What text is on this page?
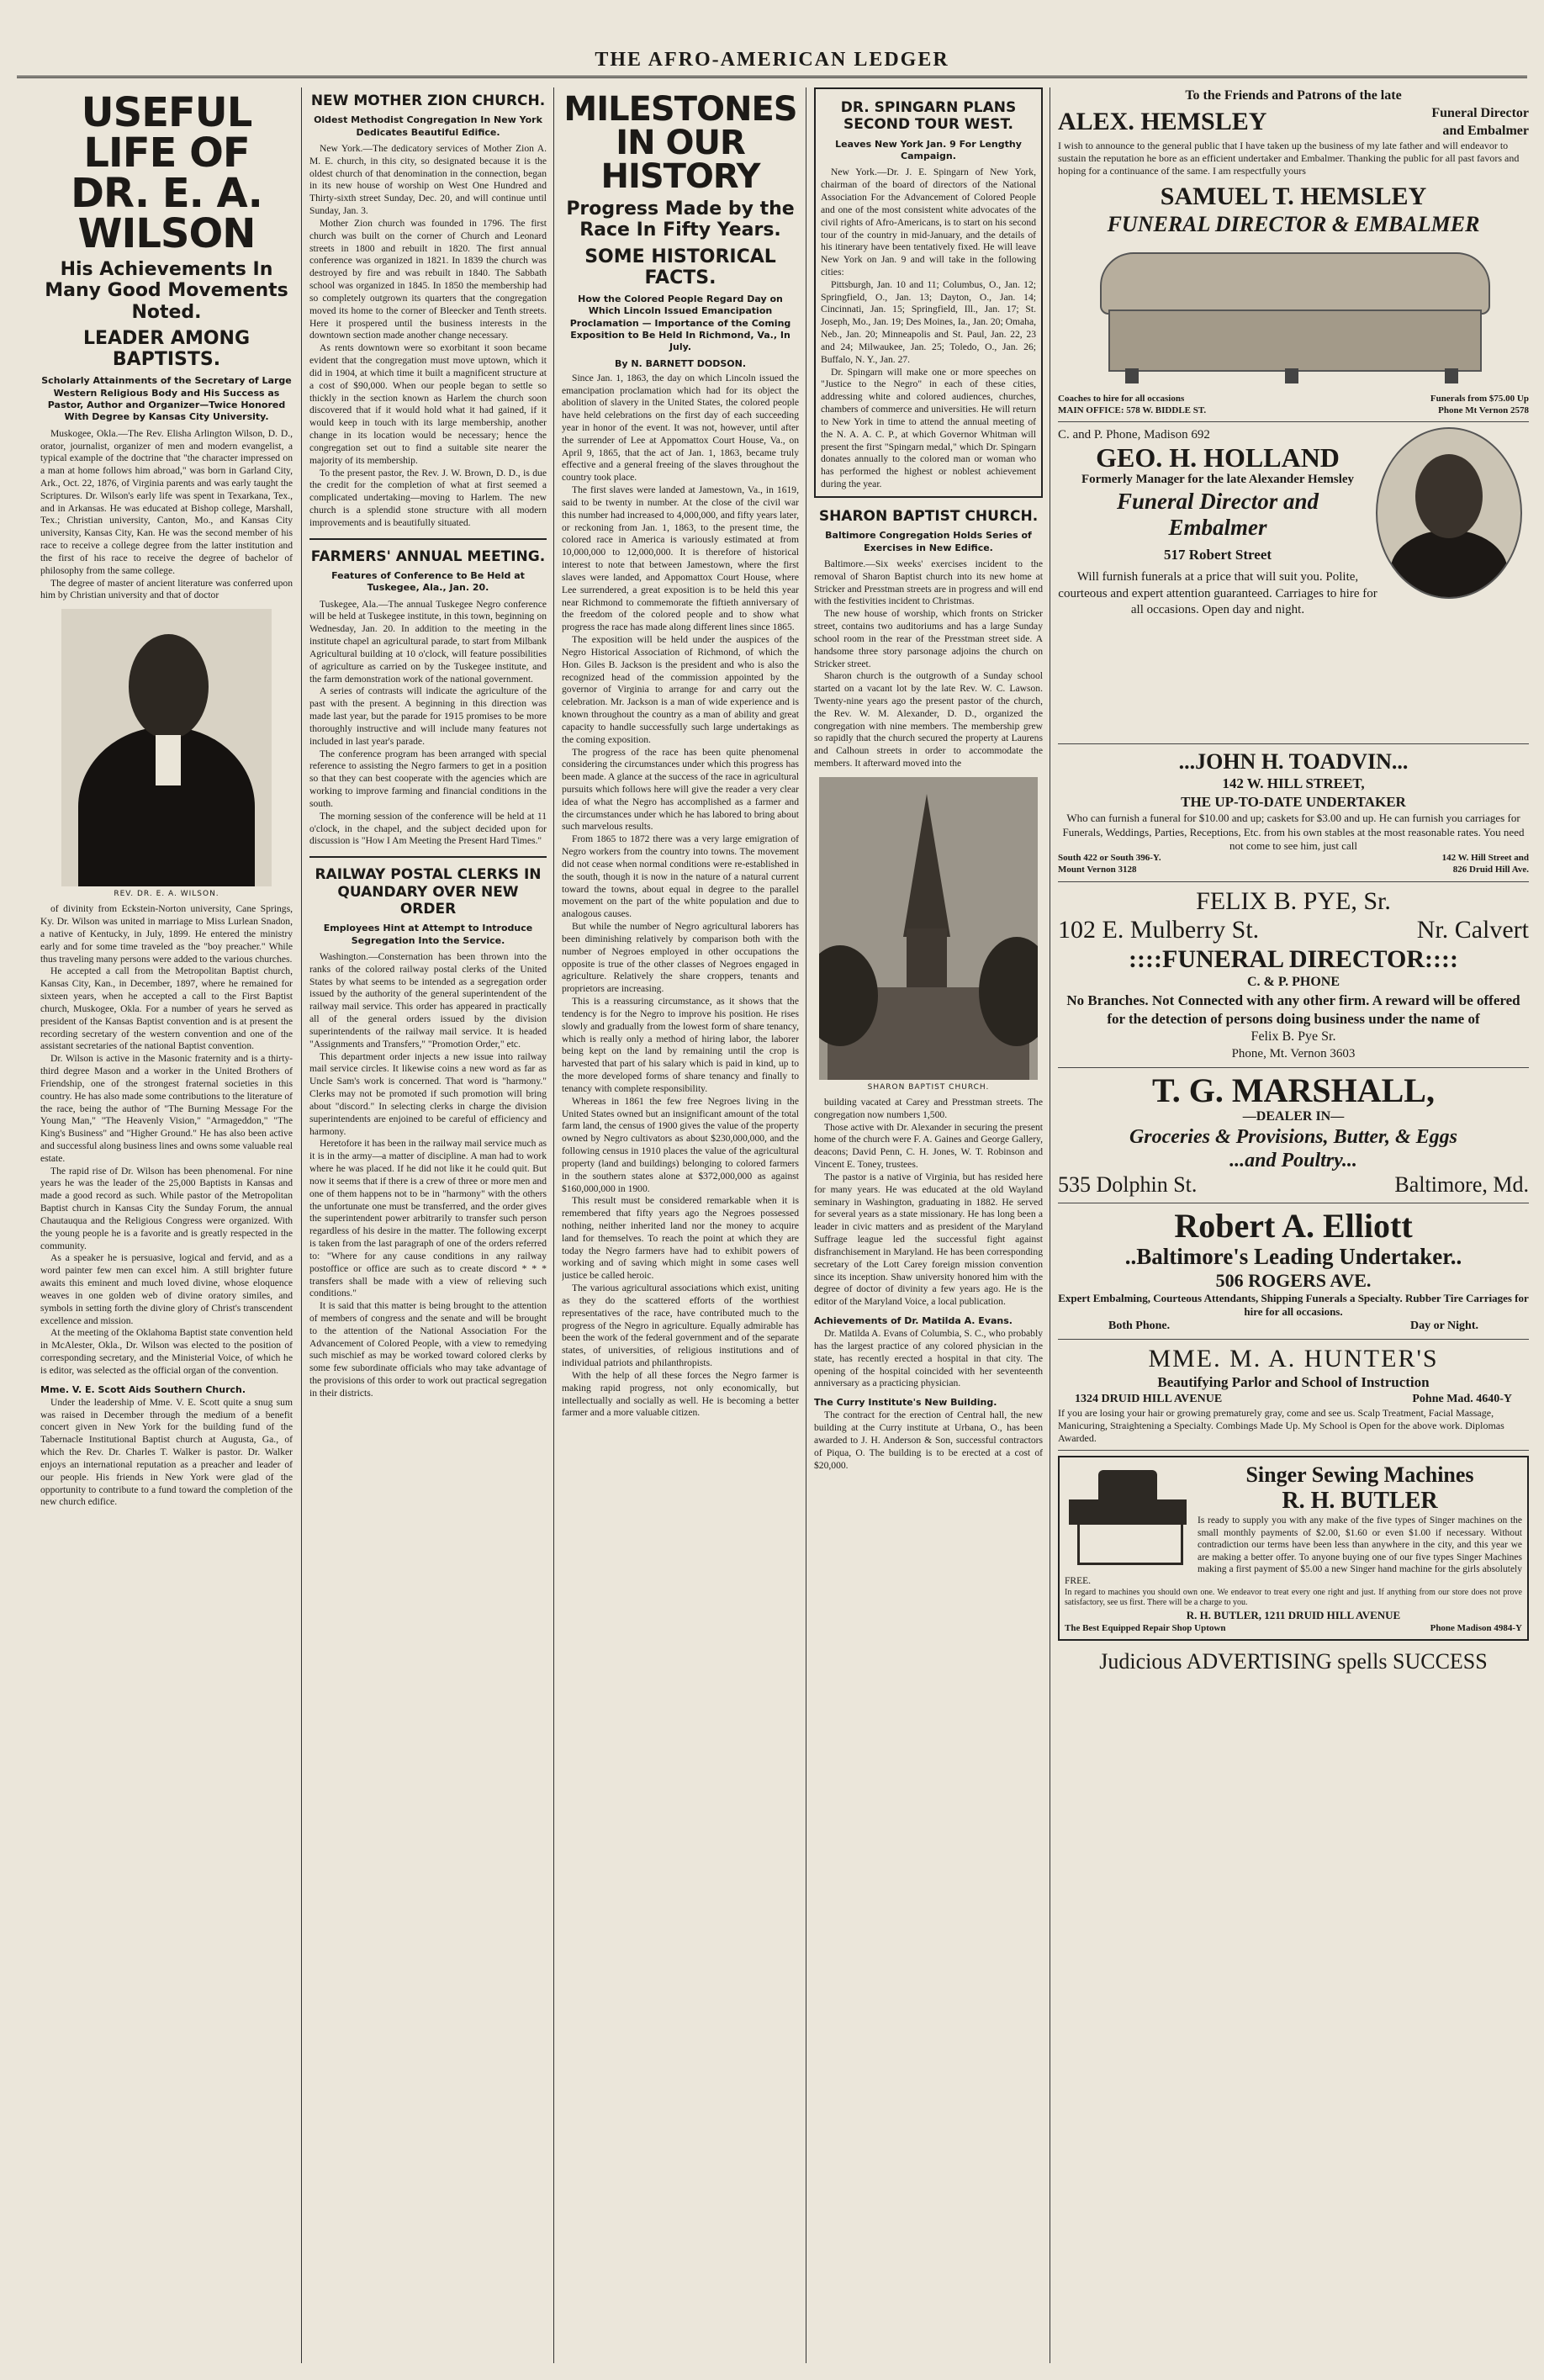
THE AFRO-AMERICAN LEDGER
USEFUL LIFE OF DR. E. A. WILSON
His Achievements In Many Good Movements Noted.
LEADER AMONG BAPTISTS.
Scholarly Attainments of the Secretary of Large Western Religious Body and His Success as Pastor, Author and Organizer—Twice Honored With Degree by Kansas City University.

Muskogee, Okla.—The Rev. Elisha Arlington Wilson, D. D., orator, journalist, organizer of men and modern evangelist, a typical example of the doctrine that "the character impressed on a man at home follows him abroad," was born in Garland City, Ark., Oct. 22, 1876, of Virginia parents and was early taught the Scriptures. Dr. Wilson's early life was spent in Texarkana, Tex., and in Arkansas. He was educated at Bishop college, Marshall, Tex.; Christian university, Canton, Mo., and Kansas City university, Kansas City, Kan. He was the second member of his race to receive a college degree from the latter institution and the first of his race to receive the degree of bachelor of philosophy from the same college.

The degree of master of ancient literature was conferred upon him by Christian university and that of doctor

REV. DR. E. A. WILSON.

of divinity from Eckstein-Norton university, Cane Springs, Ky. Dr. Wilson was united in marriage to Miss Lurlean Snadon, a native of Kentucky, in July, 1899. He entered the ministry early and for some time traveled as the "boy preacher." While thus traveling many persons were added to the various churches.

He accepted a call from the Metropolitan Baptist church, Kansas City, Kan., in December, 1897, where he remained for sixteen years, when he accepted a call to the First Baptist church, Muskogee, Okla. For a number of years he served as president of the Kansas Baptist convention and is at present the recording secretary of the western convention and one of the assistant secretaries of the national Baptist convention.

Dr. Wilson is active in the Masonic fraternity and is a thirty-third degree Mason and a worker in the United Brothers of Friendship, one of the strongest fraternal societies in this country. He has also made some contributions to the literature of the race, being the author of "The Burning Message For the Young Man," "The Heavenly Vision," "Armageddon," "The King's Business" and "Higher Ground." He has also been active and successful along business lines and owns some valuable real estate.

The rapid rise of Dr. Wilson has been phenomenal. For nine years he was the leader of the 25,000 Baptists in Kansas and made a good record as such. While pastor of the Metropolitan Baptist church in Kansas City the Sunday Forum, the annual Chautauqua and the Religious Congress were organized. With the young people he is a favorite and is greatly respected in the community.

As a speaker he is persuasive, logical and fervid, and as a word painter few men can excel him. A still brighter future awaits this eminent and much loved divine, whose eloquence weaves in one golden web of divine oratory similes, and symbols in setting forth the divine glory of Christ's transcendent excellence and mission.

At the meeting of the Oklahoma Baptist state convention held in McAlester, Okla., Dr. Wilson was elected to the position of corresponding secretary, and the Ministerial Voice, of which he is editor, was selected as the official organ of the convention.

Mme. V. E. Scott Aids Southern Church.

Under the leadership of Mme. V. E. Scott quite a snug sum was raised in December through the medium of a benefit concert given in New York for the building fund of the Tabernacle Institutional Baptist church at Augusta, Ga., of which the Rev. Dr. Charles T. Walker is pastor. Dr. Walker enjoys an international reputation as a preacher and leader of our people. His friends in New York were glad of the opportunity to contribute to a fund toward the completion of the new church edifice.

NEW MOTHER ZION CHURCH.
Oldest Methodist Congregation In New York Dedicates Beautiful Edifice.

New York.—The dedicatory services of Mother Zion A. M. E. church, in this city, so designated because it is the oldest church of that denomination in the connection, began in its new house of worship on West One Hundred and Thirty-sixth street Sunday, Dec. 20, and will continue until Sunday, Jan. 3.

Mother Zion church was founded in 1796. The first church was built on the corner of Church and Leonard streets in 1800 and rebuilt in 1820. The first annual conference was organized in 1821. In 1839 the church was destroyed by fire and was rebuilt in 1840. The Sabbath school was organized in 1845. In 1850 the membership had so completely outgrown its quarters that the congregation moved its home to the corner of Bleecker and Tenth streets. Here it prospered until the business interests in the downtown section made another change necessary.

As rents downtown were so exorbitant it soon became evident that the congregation must move uptown, which it did in 1904, at which time it built a magnificent structure at a cost of $90,000. When our people began to settle so thickly in the section known as Harlem the church soon discovered that if it would hold what it had gained, if it would keep in touch with its large membership, another change in its location would be necessary; hence the congregation set out to find a suitable site nearer the majority of its membership.

To the present pastor, the Rev. J. W. Brown, D. D., is due the credit for the completion of what at first seemed a complicated undertaking—moving to Harlem. The new church is a splendid stone structure with all modern improvements and is beautifully situated.

FARMERS' ANNUAL MEETING.
Features of Conference to Be Held at Tuskegee, Ala., Jan. 20.

Tuskegee, Ala.—The annual Tuskegee Negro conference will be held at Tuskegee institute, in this town, beginning on Wednesday, Jan. 20. In addition to the meeting in the institute chapel an agricultural parade, to start from Milbank Agricultural building at 10 o'clock, will feature possibilities of agriculture as carried on by the Tuskegee institute, and the farm demonstration work of the national government.

A series of contrasts will indicate the agriculture of the past with the present. A beginning in this direction was made last year, but the parade for 1915 promises to be more thoroughly instructive and will include many features not included in last year's parade.

The conference program has been arranged with special reference to assisting the Negro farmers to get in a position so that they can best cooperate with the agencies which are working to improve farming and financial conditions in the south.

The morning session of the conference will be held at 11 o'clock, in the chapel, and the subject decided upon for discussion is "How I Am Meeting the Present Hard Times."

RAILWAY POSTAL CLERKS IN QUANDARY OVER NEW ORDER
Employees Hint at Attempt to Introduce Segregation Into the Service.

Washington.—Consternation has been thrown into the ranks of the colored railway postal clerks of the United States by what seems to be intended as a segregation order issued by the authority of the general superintendent of the railway mail service. This order has appeared in practically all of the general orders issued by the division superintendents of the railway mail service. It is headed "Assignments and Transfers," "Promotion Order," etc.

This department order injects a new issue into railway mail service circles. It likewise coins a new word as far as Uncle Sam's work is concerned. That word is "harmony." Clerks may not be promoted if such promotion will bring about "discord." In selecting clerks in charge the division superintendents are enjoined to be careful of efficiency and harmony.

Heretofore it has been in the railway mail service much as it is in the army—a matter of discipline. A man had to work where he was placed. If he did not like it he could quit. But now it seems that if there is a crew of three or more men and one of them happens not to be in "harmony" with the others the unfortunate one must be transferred, and the order gives the superintendent power arbitrarily to transfer such person regardless of his desire in the matter. The following excerpt is taken from the last paragraph of one of the orders referred to: "Where for any cause conditions in any railway postoffice or office are such as to create discord * * * transfers shall be made with a view of relieving such conditions."

It is said that this matter is being brought to the attention of members of congress and the senate and will be brought to the attention of the National Association For the Advancement of Colored People, with a view to remedying such mischief as may be worked toward colored clerks by some few subordinate officials who may take advantage of the provisions of this order to work out practical segregation in their districts.

MILESTONES IN OUR HISTORY
Progress Made by the Race In Fifty Years.
SOME HISTORICAL FACTS.
How the Colored People Regard Day on Which Lincoln Issued Emancipation Proclamation — Importance of the Coming Exposition to Be Held In Richmond, Va., In July.
By N. BARNETT DODSON.

Since Jan. 1, 1863, the day on which Lincoln issued the emancipation proclamation which had for its object the abolition of slavery in the United States, the colored people have held celebrations on the first day of each succeeding year in honor of the event. It was not, however, until after the surrender of Lee at Appomattox Court House, Va., on April 9, 1865, that the act of Jan. 1, 1863, became truly effective and a general freeing of the slaves throughout the country took place.

The first slaves were landed at Jamestown, Va., in 1619, said to be twenty in number. At the close of the civil war this number had increased to 4,000,000, and fifty years later, or reckoning from Jan. 1, 1863, to the present time, the colored race in America is variously estimated at from 10,000,000 to 12,000,000. It is therefore of historical interest to note that between Jamestown, where the first slaves were landed, and Appomattox Court House, where Lee surrendered, a great exposition is to be held this year near Richmond to commemorate the fiftieth anniversary of the freedom of the colored people and to show what progress the race has made along different lines since 1865.

The exposition will be held under the auspices of the Negro Historical Association of Richmond, of which the Hon. Giles B. Jackson is the president and who is also the recognized head of the commission appointed by the governor of Virginia to arrange for and carry out the celebration. Mr. Jackson is a man of wide experience and is known throughout the country as a man of ability and great capacity to handle successfully such large undertakings as the coming exposition.

The progress of the race has been quite phenomenal considering the circumstances under which this progress has been made. A glance at the success of the race in agricultural pursuits which follows here will give the reader a very clear idea of what the Negro has accomplished as a farmer and the circumstances under which he has labored to bring about such marvelous results.

From 1865 to 1872 there was a very large emigration of Negro workers from the country into towns. The movement did not cease when normal conditions were re-established in the south, though it is now in the nature of a natural current toward the towns, about equal in degree to the parallel movement on the part of the white population and due to analogous causes.

But while the number of Negro agricultural laborers has been diminishing relatively by comparison both with the number of Negroes employed in other occupations the opposite is true of the other classes of Negroes engaged in agriculture. Relatively the share croppers, tenants and proprietors are increasing.

This is a reassuring circumstance, as it shows that the tendency is for the Negro to improve his position. He rises slowly and gradually from the lowest form of share tenancy, which is really only a method of hiring labor, the laborer being kept on the land by remaining until the crop is harvested that part of his salary which is paid in kind, up to the more developed forms of share tenancy and finally to tenancy with complete responsibility.

Whereas in 1861 the few free Negroes living in the United States owned but an insignificant amount of the total farm land, the census of 1900 gives the value of the property owned by Negro cultivators as about $230,000,000, and the following census in 1910 places the value of the agricultural property (land and buildings) belonging to colored farmers in the southern states alone at $372,000,000 as against $160,000,000 in 1900.

This result must be considered remarkable when it is remembered that fifty years ago the Negroes possessed nothing, neither inherited land nor the money to acquire land for themselves. To reach the point at which they are today the Negro farmers have had to exhibit powers of working and of saving which might in some cases well justice be called heroic.

The various agricultural associations which exist, uniting as they do the scattered efforts of the worthiest representatives of the race, have contributed much to the progress of the Negro in agriculture. Equally admirable has been the work of the federal government and of the separate states, of universities, of religious institutions and of individual patriots and philanthropists.

With the help of all these forces the Negro farmer is making rapid progress, not only economically, but intellectually and socially as well. He is becoming a better farmer and a more valuable citizen.

DR. SPINGARN PLANS SECOND TOUR WEST.
Leaves New York Jan. 9 For Lengthy Campaign.

New York.—Dr. J. E. Spingarn of New York, chairman of the board of directors of the National Association For the Advancement of Colored People and one of the most consistent white advocates of the civil rights of Afro-Americans, is to start on his second tour of the country in mid-January, and the details of his itinerary have been tentatively fixed. He will leave New York on Jan. 9 and will take in the following cities:

Pittsburgh, Jan. 10 and 11; Columbus, O., Jan. 12; Springfield, O., Jan. 13; Dayton, O., Jan. 14; Cincinnati, Jan. 15; Springfield, Ill., Jan. 17; St. Joseph, Mo., Jan. 19; Des Moines, Ia., Jan. 20; Omaha, Neb., Jan. 20; Minneapolis and St. Paul, Jan. 22, 23 and 24; Milwaukee, Jan. 25; Toledo, O., Jan. 26; Buffalo, N. Y., Jan. 27.

Dr. Spingarn will make one or more speeches on "Justice to the Negro" in each of these cities, addressing white and colored audiences, churches, chambers of commerce and universities. He will return to New York in time to attend the annual meeting of the N. A. A. C. P., at which Governor Whitman will present the first "Spingarn medal," which Dr. Spingarn donates annually to the colored man or woman who has performed the highest or noblest achievement during the year.

SHARON BAPTIST CHURCH.
Baltimore Congregation Holds Series of Exercises in New Edifice.

Baltimore.—Six weeks' exercises incident to the removal of Sharon Baptist church into its new home at Stricker and Presstman streets are in progress and will end with the festivities incident to Christmas.

The new house of worship, which fronts on Stricker street, contains two auditoriums and has a large Sunday school room in the rear of the Presstman street side. A handsome three story parsonage adjoins the church on Stricker street.

Sharon church is the outgrowth of a Sunday school started on a vacant lot by the late Rev. W. C. Lawson. Twenty-nine years ago the present pastor of the church, the Rev. W. M. Alexander, D. D., organized the congregation with nine members. The membership grew so rapidly that the church secured the property at Laurens and Calhoun streets in order to accommodate the members. It afterward moved into the

SHARON BAPTIST CHURCH.

building vacated at Carey and Presstman streets. The congregation now numbers 1,500.

Those active with Dr. Alexander in securing the present home of the church were F. A. Gaines and George Gallery, deacons; David Penn, C. H. Jones, W. T. Robinson and Vincent E. Toney, trustees.

The pastor is a native of Virginia, but has resided here for many years. He was educated at the old Wayland seminary in Washington, graduating in 1882. He served for several years as a state missionary. He has long been a leader in civic matters and as president of the Maryland Suffrage league led the successful fight against disfranchisement in Maryland. He has been corresponding secretary of the Lott Carey foreign mission convention since its inception. Shaw university honored him with the degree of doctor of divinity a few years ago. He is the editor of the Maryland Voice, a local publication.

Achievements of Dr. Matilda A. Evans.

Dr. Matilda A. Evans of Columbia, S. C., who probably has the largest practice of any colored physician in the state, has recently erected a hospital in that city. The opening of the hospital coincided with her seventeenth anniversary as a practicing physician.

The Curry Institute's New Building.

The contract for the erection of Central hall, the new building at the Curry institute at Urbana, O., has been awarded to J. H. Anderson & Son, successful contractors of Piqua, O. The building is to be erected at a cost of $20,000.

To the Friends and Patrons of the late
ALEX. HEMSLEY	Funeral Director
and Embalmer
I wish to announce to the general public that I have taken up the business of my late father and will endeavor to sustain the reputation he bore as an efficient undertaker and Embalmer. Thanking the public for all past favors and hoping for a continuance of the same. I am respectfully yours
SAMUEL T. HEMSLEY
FUNERAL DIRECTOR & EMBALMER
Coaches to hire for all occasions	Funerals from $75.00 Up
MAIN OFFICE: 578 W. BIDDLE ST.	Phone Mt Vernon 2578
C. and P. Phone, Madison 692
GEO. H. HOLLAND
Formerly Manager for the late Alexander Hemsley
Funeral Director and
Embalmer
517 Robert Street
Will furnish funerals at a price that will suit you. Polite, courteous and expert attention guaranteed. Carriages to hire for all occasions. Open day and night.
...JOHN H. TOADVIN...
142 W. HILL STREET,
THE UP-TO-DATE UNDERTAKER
Who can furnish a funeral for $10.00 and up; caskets for $3.00 and up. He can furnish you carriages for Funerals, Weddings, Parties, Receptions, Etc. from his own stables at the most reasonable rates. You need not come to see him, just call
South 422 or South 396-Y.	142 W. Hill Street and
Mount Vernon 3128	826 Druid Hill Ave.
FELIX B. PYE, Sr.
102 E. Mulberry St.	Nr. Calvert
::::FUNERAL DIRECTOR::::
C. & P. PHONE
No Branches. Not Connected with any other firm. A reward will be offered for the detection of persons doing business under the name of
Felix B. Pye Sr.
Phone, Mt. Vernon 3603
T. G. MARSHALL,
—DEALER IN—
Groceries & Provisions, Butter, & Eggs
...and Poultry...
535 Dolphin St.	Baltimore, Md.
Robert A. Elliott
..Baltimore's Leading Undertaker..
506 ROGERS AVE.
Expert Embalming, Courteous Attendants, Shipping Funerals a Specialty. Rubber Tire Carriages for hire for all occasions.
Both Phone.	Day or Night.
MME. M. A. HUNTER'S
Beautifying Parlor and School of Instruction
1324 DRUID HILL AVENUE	Pohne Mad. 4640-Y
If you are losing your hair or growing prematurely gray, come and see us. Scalp Treatment, Facial Massage, Manicuring, Straightening a Specialty. Combings Made Up. My School is Open for the above work. Diplomas Awarded.
Singer Sewing Machines
R. H. BUTLER
Is ready to supply you with any make of the five types of Singer machines on the small monthly payments of $2.00, $1.60 or even $1.00 if necessary. Without contradiction our terms have been less than anywhere in the city, and this year we are making a better offer. To anyone buying one of our five types Singer Machines making a first payment of $5.00 a new Singer hand machine for the girls absolutely FREE.
In regard to machines you should own one. We endeavor to treat every one right and just. If anything from our store does not prove satisfactory, see us first. There will be a charge to you.
R. H. BUTLER, 1211 DRUID HILL AVENUE
The Best Equipped Repair Shop Uptown	Phone Madison 4984-Y
Judicious ADVERTISING spells SUCCESS
